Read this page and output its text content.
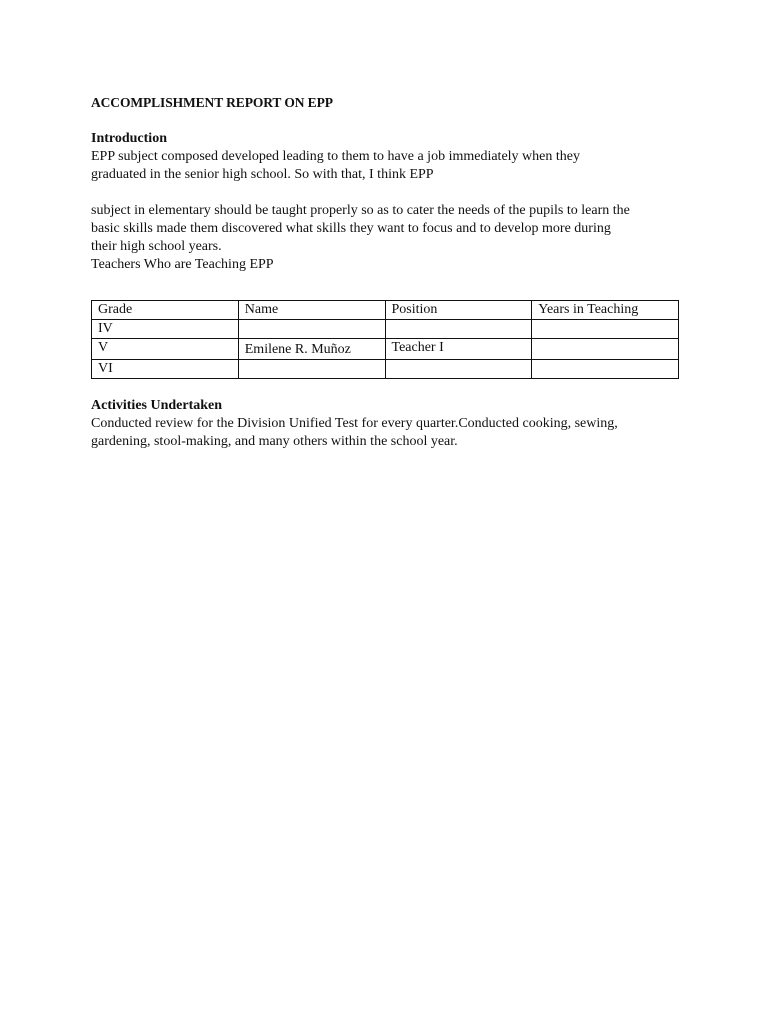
ACCOMPLISHMENT REPORT ON EPP
Introduction
EPP subject composed developed leading to them to have a job immediately when they
graduated in the senior high school. So with that, I think EPP
subject in elementary should be taught properly so as to cater the needs of the pupils to learn the
basic skills made them discovered what skills they want to focus and to develop more during
their high school years.
Teachers Who are Teaching EPP
Grade	Name	Position	Years in Teaching
IV			
V	Emilene R. Muñoz	Teacher I	
VI			
Activities Undertaken
Conducted review for the Division Unified Test for every quarter.Conducted cooking, sewing,
gardening, stool-making, and many others within the school year.
